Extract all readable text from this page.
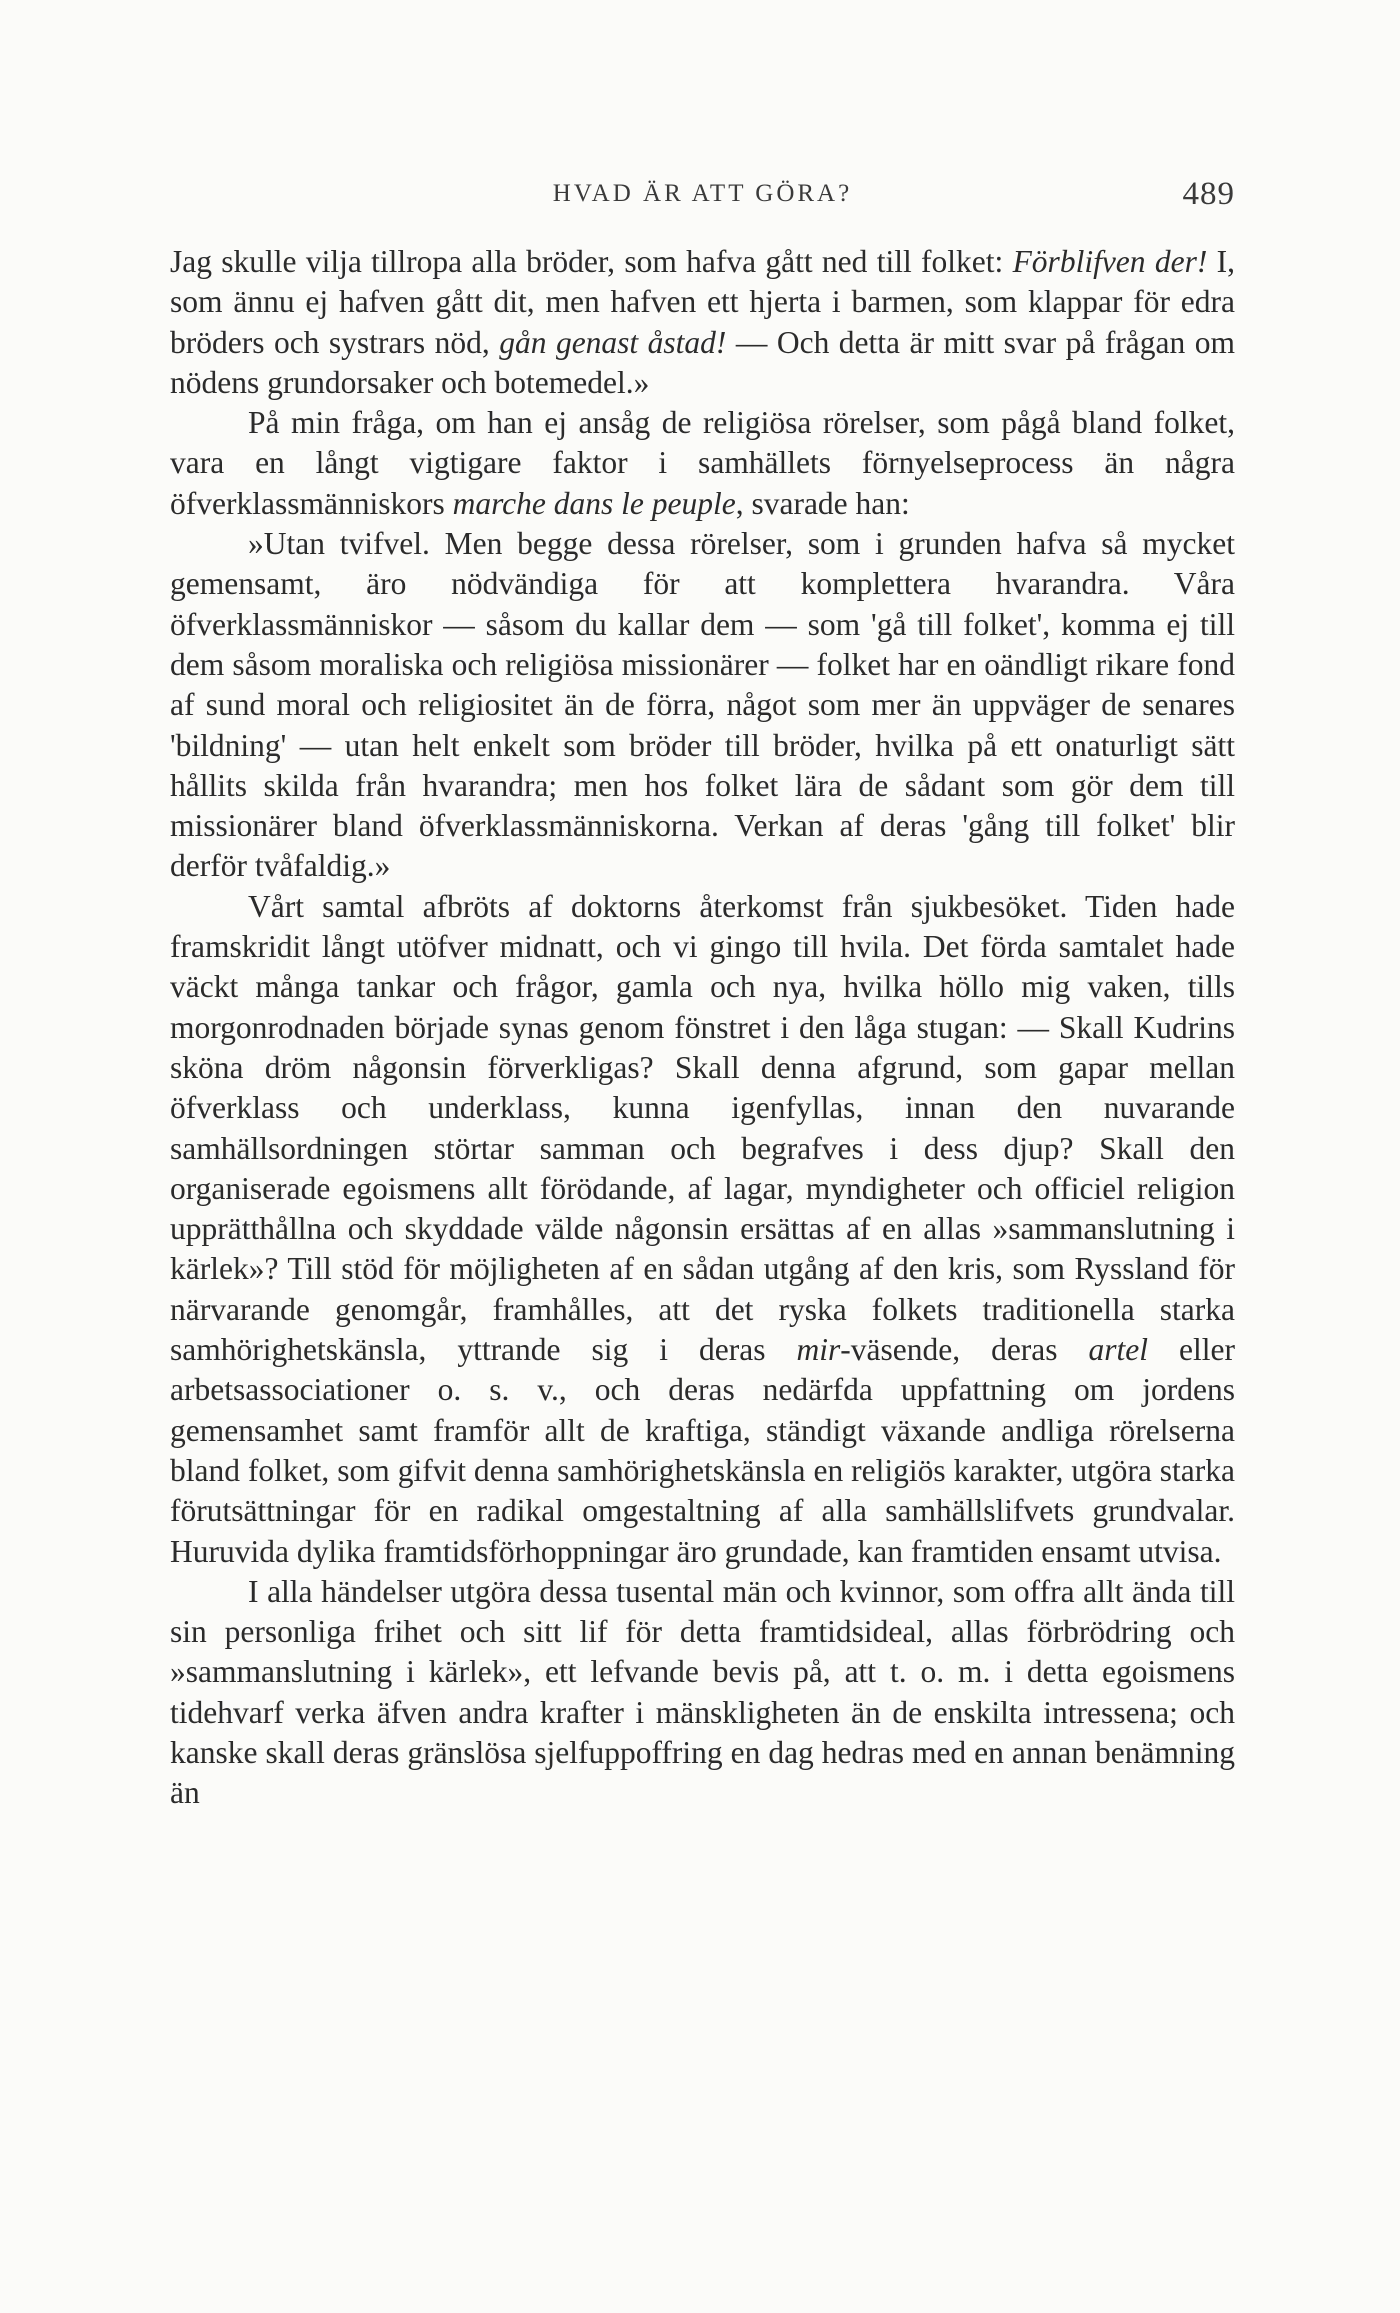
HVAD ÄR ATT GÖRA?	489

Jag skulle vilja tillropa alla bröder, som hafva gått ned till folket: Förblifven der! I, som ännu ej hafven gått dit, men hafven ett hjerta i barmen, som klappar för edra bröders och systrars nöd, gån genast åstad! — Och detta är mitt svar på frågan om nödens grundorsaker och botemedel.»

På min fråga, om han ej ansåg de religiösa rörelser, som pågå bland folket, vara en långt vigtigare faktor i samhällets förnyelseprocess än några öfverklassmänniskors marche dans le peuple, svarade han:

»Utan tvifvel. Men begge dessa rörelser, som i grunden hafva så mycket gemensamt, äro nödvändiga för att komplettera hvarandra. Våra öfverklassmänniskor — såsom du kallar dem — som 'gå till folket', komma ej till dem såsom moraliska och religiösa missionärer — folket har en oändligt rikare fond af sund moral och religiositet än de förra, något som mer än uppväger de senares 'bildning' — utan helt enkelt som bröder till bröder, hvilka på ett onaturligt sätt hållits skilda från hvarandra; men hos folket lära de sådant som gör dem till missionärer bland öfverklassmänniskorna. Verkan af deras 'gång till folket' blir derför tvåfaldig.»

Vårt samtal afbröts af doktorns återkomst från sjukbesöket. Tiden hade framskridit långt utöfver midnatt, och vi gingo till hvila. Det förda samtalet hade väckt många tankar och frågor, gamla och nya, hvilka höllo mig vaken, tills morgonrodnaden började synas genom fönstret i den låga stugan: — Skall Kudrins sköna dröm någonsin förverkligas? Skall denna afgrund, som gapar mellan öfverklass och underklass, kunna igenfyllas, innan den nuvarande samhällsordningen störtar samman och begrafves i dess djup? Skall den organiserade egoismens allt förödande, af lagar, myndigheter och officiel religion upprätthållna och skyddade välde någonsin ersättas af en allas »sammanslutning i kärlek»? Till stöd för möjligheten af en sådan utgång af den kris, som Ryssland för närvarande genomgår, framhålles, att det ryska folkets traditionella starka samhörighetskänsla, yttrande sig i deras mir-väsende, deras artel eller arbetsassociationer o. s. v., och deras nedärfda uppfattning om jordens gemensamhet samt framför allt de kraftiga, ständigt växande andliga rörelserna bland folket, som gifvit denna samhörighetskänsla en religiös karakter, utgöra starka förutsättningar för en radikal omgestaltning af alla samhällslifvets grundvalar. Huruvida dylika framtidsförhoppningar äro grundade, kan framtiden ensamt utvisa.

I alla händelser utgöra dessa tusental män och kvinnor, som offra allt ända till sin personliga frihet och sitt lif för detta framtidsideal, allas förbrödring och »sammanslutning i kärlek», ett lefvande bevis på, att t. o. m. i detta egoismens tidehvarf verka äfven andra krafter i mänskligheten än de enskilta intressena; och kanske skall deras gränslösa sjelfuppoffring en dag hedras med en annan benämning än
